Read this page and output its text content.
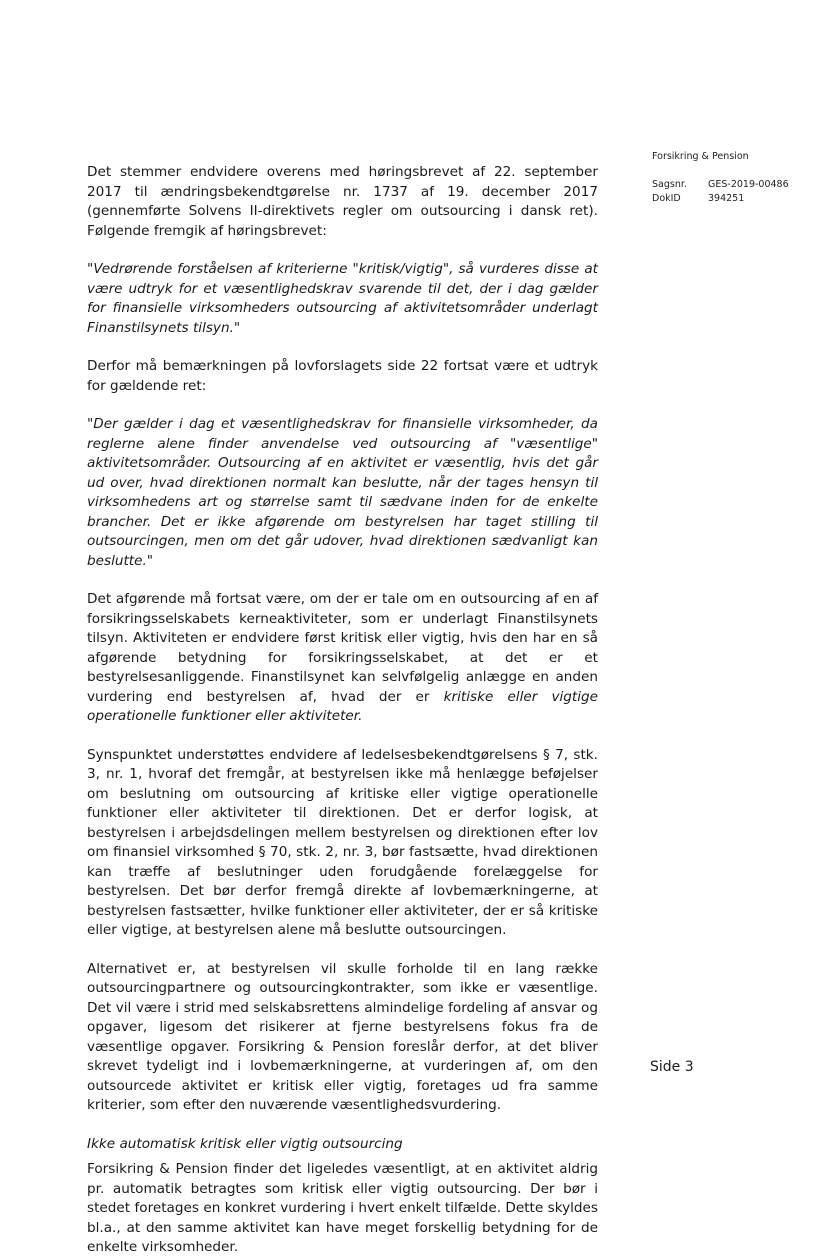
Forsikring & Pension
Sagsnr.	GES-2019-00486
DokID	394251

Det stemmer endvidere overens med høringsbrevet af 22. september 2017 til ændringsbekendtgørelse nr. 1737 af 19. december 2017 (gennemførte Solvens II-direktivets regler om outsourcing i dansk ret). Følgende fremgik af høringsbrevet:

"Vedrørende forståelsen af kriterierne "kritisk/vigtig", så vurderes disse at være udtryk for et væsentlighedskrav svarende til det, der i dag gælder for finansielle virksomheders outsourcing af aktivitetsområder underlagt Finanstilsynets tilsyn."

Derfor må bemærkningen på lovforslagets side 22 fortsat være et udtryk for gældende ret:

"Der gælder i dag et væsentlighedskrav for finansielle virksomheder, da reglerne alene finder anvendelse ved outsourcing af "væsentlige" aktivitetsområder. Outsourcing af en aktivitet er væsentlig, hvis det går ud over, hvad direktionen normalt kan beslutte, når der tages hensyn til virksomhedens art og størrelse samt til sædvane inden for de enkelte brancher. Det er ikke afgørende om bestyrelsen har taget stilling til outsourcingen, men om det går udover, hvad direktionen sædvanligt kan beslutte."

Det afgørende må fortsat være, om der er tale om en outsourcing af en af forsikringsselskabets kerneaktiviteter, som er underlagt Finanstilsynets tilsyn. Aktiviteten er endvidere først kritisk eller vigtig, hvis den har en så afgørende betydning for forsikringsselskabet, at det er et bestyrelsesanliggende. Finanstilsynet kan selvfølgelig anlægge en anden vurdering end bestyrelsen af, hvad der er kritiske eller vigtige operationelle funktioner eller aktiviteter.

Synspunktet understøttes endvidere af ledelsesbekendtgørelsens § 7, stk. 3, nr. 1, hvoraf det fremgår, at bestyrelsen ikke må henlægge beføjelser om beslutning om outsourcing af kritiske eller vigtige operationelle funktioner eller aktiviteter til direktionen. Det er derfor logisk, at bestyrelsen i arbejdsdelingen mellem bestyrelsen og direktionen efter lov om finansiel virksomhed § 70, stk. 2, nr. 3, bør fastsætte, hvad direktionen kan træffe af beslutninger uden forudgående forelæggelse for bestyrelsen. Det bør derfor fremgå direkte af lovbemærkningerne, at bestyrelsen fastsætter, hvilke funktioner eller aktiviteter, der er så kritiske eller vigtige, at bestyrelsen alene må beslutte outsourcingen.

Alternativet er, at bestyrelsen vil skulle forholde til en lang række outsourcingpartnere og outsourcingkontrakter, som ikke er væsentlige. Det vil være i strid med selskabsrettens almindelige fordeling af ansvar og opgaver, ligesom det risikerer at fjerne bestyrelsens fokus fra de væsentlige opgaver. Forsikring & Pension foreslår derfor, at det bliver skrevet tydeligt ind i lovbemærkningerne, at vurderingen af, om den outsourcede aktivitet er kritisk eller vigtig, foretages ud fra samme kriterier, som efter den nuværende væsentlighedsvurdering.

Ikke automatisk kritisk eller vigtig outsourcing

Forsikring & Pension finder det ligeledes væsentligt, at en aktivitet aldrig pr. automatik betragtes som kritisk eller vigtig outsourcing. Der bør i stedet foretages en konkret vurdering i hvert enkelt tilfælde. Dette skyldes bl.a., at den samme aktivitet kan have meget forskellig betydning for de enkelte virksomheder.

Side 3
